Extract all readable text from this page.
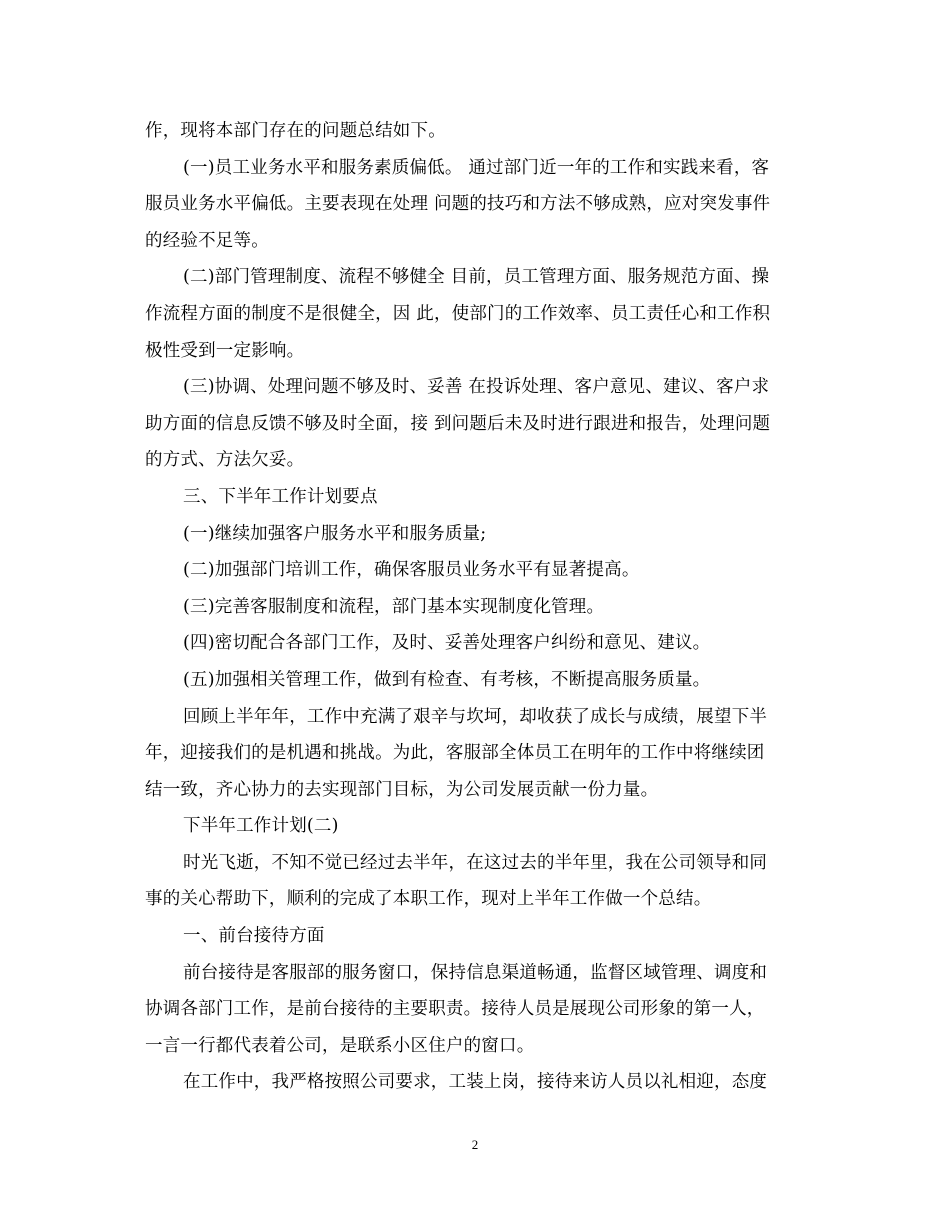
作，现将本部门存在的问题总结如下。

(一)员工业务水平和服务素质偏低。 通过部门近一年的工作和实践来看，客

服员业务水平偏低。主要表现在处理 问题的技巧和方法不够成熟，应对突发事件

的经验不足等。

(二)部门管理制度、流程不够健全 目前，员工管理方面、服务规范方面、操

作流程方面的制度不是很健全，因 此，使部门的工作效率、员工责任心和工作积

极性受到一定影响。

(三)协调、处理问题不够及时、妥善 在投诉处理、客户意见、建议、客户求

助方面的信息反馈不够及时全面，接 到问题后未及时进行跟进和报告，处理问题

的方式、方法欠妥。

三、下半年工作计划要点

(一)继续加强客户服务水平和服务质量;

(二)加强部门培训工作，确保客服员业务水平有显著提高。

(三)完善客服制度和流程，部门基本实现制度化管理。

(四)密切配合各部门工作，及时、妥善处理客户纠纷和意见、建议。

(五)加强相关管理工作，做到有检查、有考核，不断提高服务质量。

回顾上半年年，工作中充满了艰辛与坎坷，却收获了成长与成绩，展望下半

年，迎接我们的是机遇和挑战。为此，客服部全体员工在明年的工作中将继续团

结一致，齐心协力的去实现部门目标，为公司发展贡献一份力量。

下半年工作计划(二)

时光飞逝，不知不觉已经过去半年，在这过去的半年里，我在公司领导和同

事的关心帮助下，顺利的完成了本职工作，现对上半年工作做一个总结。

一、前台接待方面

前台接待是客服部的服务窗口，保持信息渠道畅通，监督区域管理、调度和

协调各部门工作，是前台接待的主要职责。接待人员是展现公司形象的第一人，

一言一行都代表着公司，是联系小区住户的窗口。

在工作中，我严格按照公司要求，工装上岗，接待来访人员以礼相迎，态度

2
